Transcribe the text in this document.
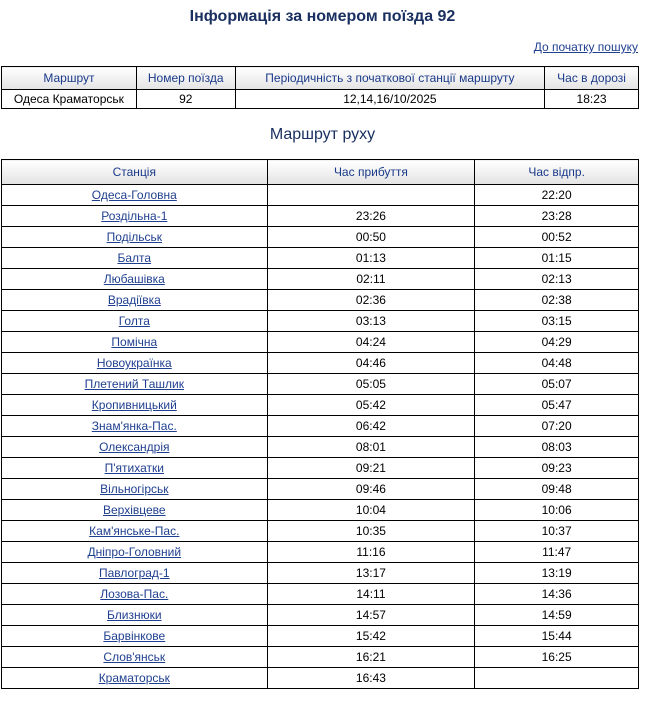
Інформація за номером поїзда 92
До початку пошуку
Маршрут	Номер поїзда	Періодичність з початкової станції маршруту	Час в дорозі
Одеса Краматорськ	92	12,14,16/10/2025	18:23
Маршрут руху
Станція	Час прибуття	Час відпр.
Одеса-Головна		22:20
Роздільна-1	23:26	23:28
Подільськ	00:50	00:52
Балта	01:13	01:15
Любашівка	02:11	02:13
Врадіївка	02:36	02:38
Голта	03:13	03:15
Помічна	04:24	04:29
Новоукраїнка	04:46	04:48
Плетений Ташлик	05:05	05:07
Кропивницький	05:42	05:47
Знам'янка-Пас.	06:42	07:20
Олександрія	08:01	08:03
П'ятихатки	09:21	09:23
Вільногірськ	09:46	09:48
Верхівцеве	10:04	10:06
Кам'янське-Пас.	10:35	10:37
Дніпро-Головний	11:16	11:47
Павлоград-1	13:17	13:19
Лозова-Пас.	14:11	14:36
Близнюки	14:57	14:59
Барвінкове	15:42	15:44
Слов'янськ	16:21	16:25
Краматорськ	16:43	
